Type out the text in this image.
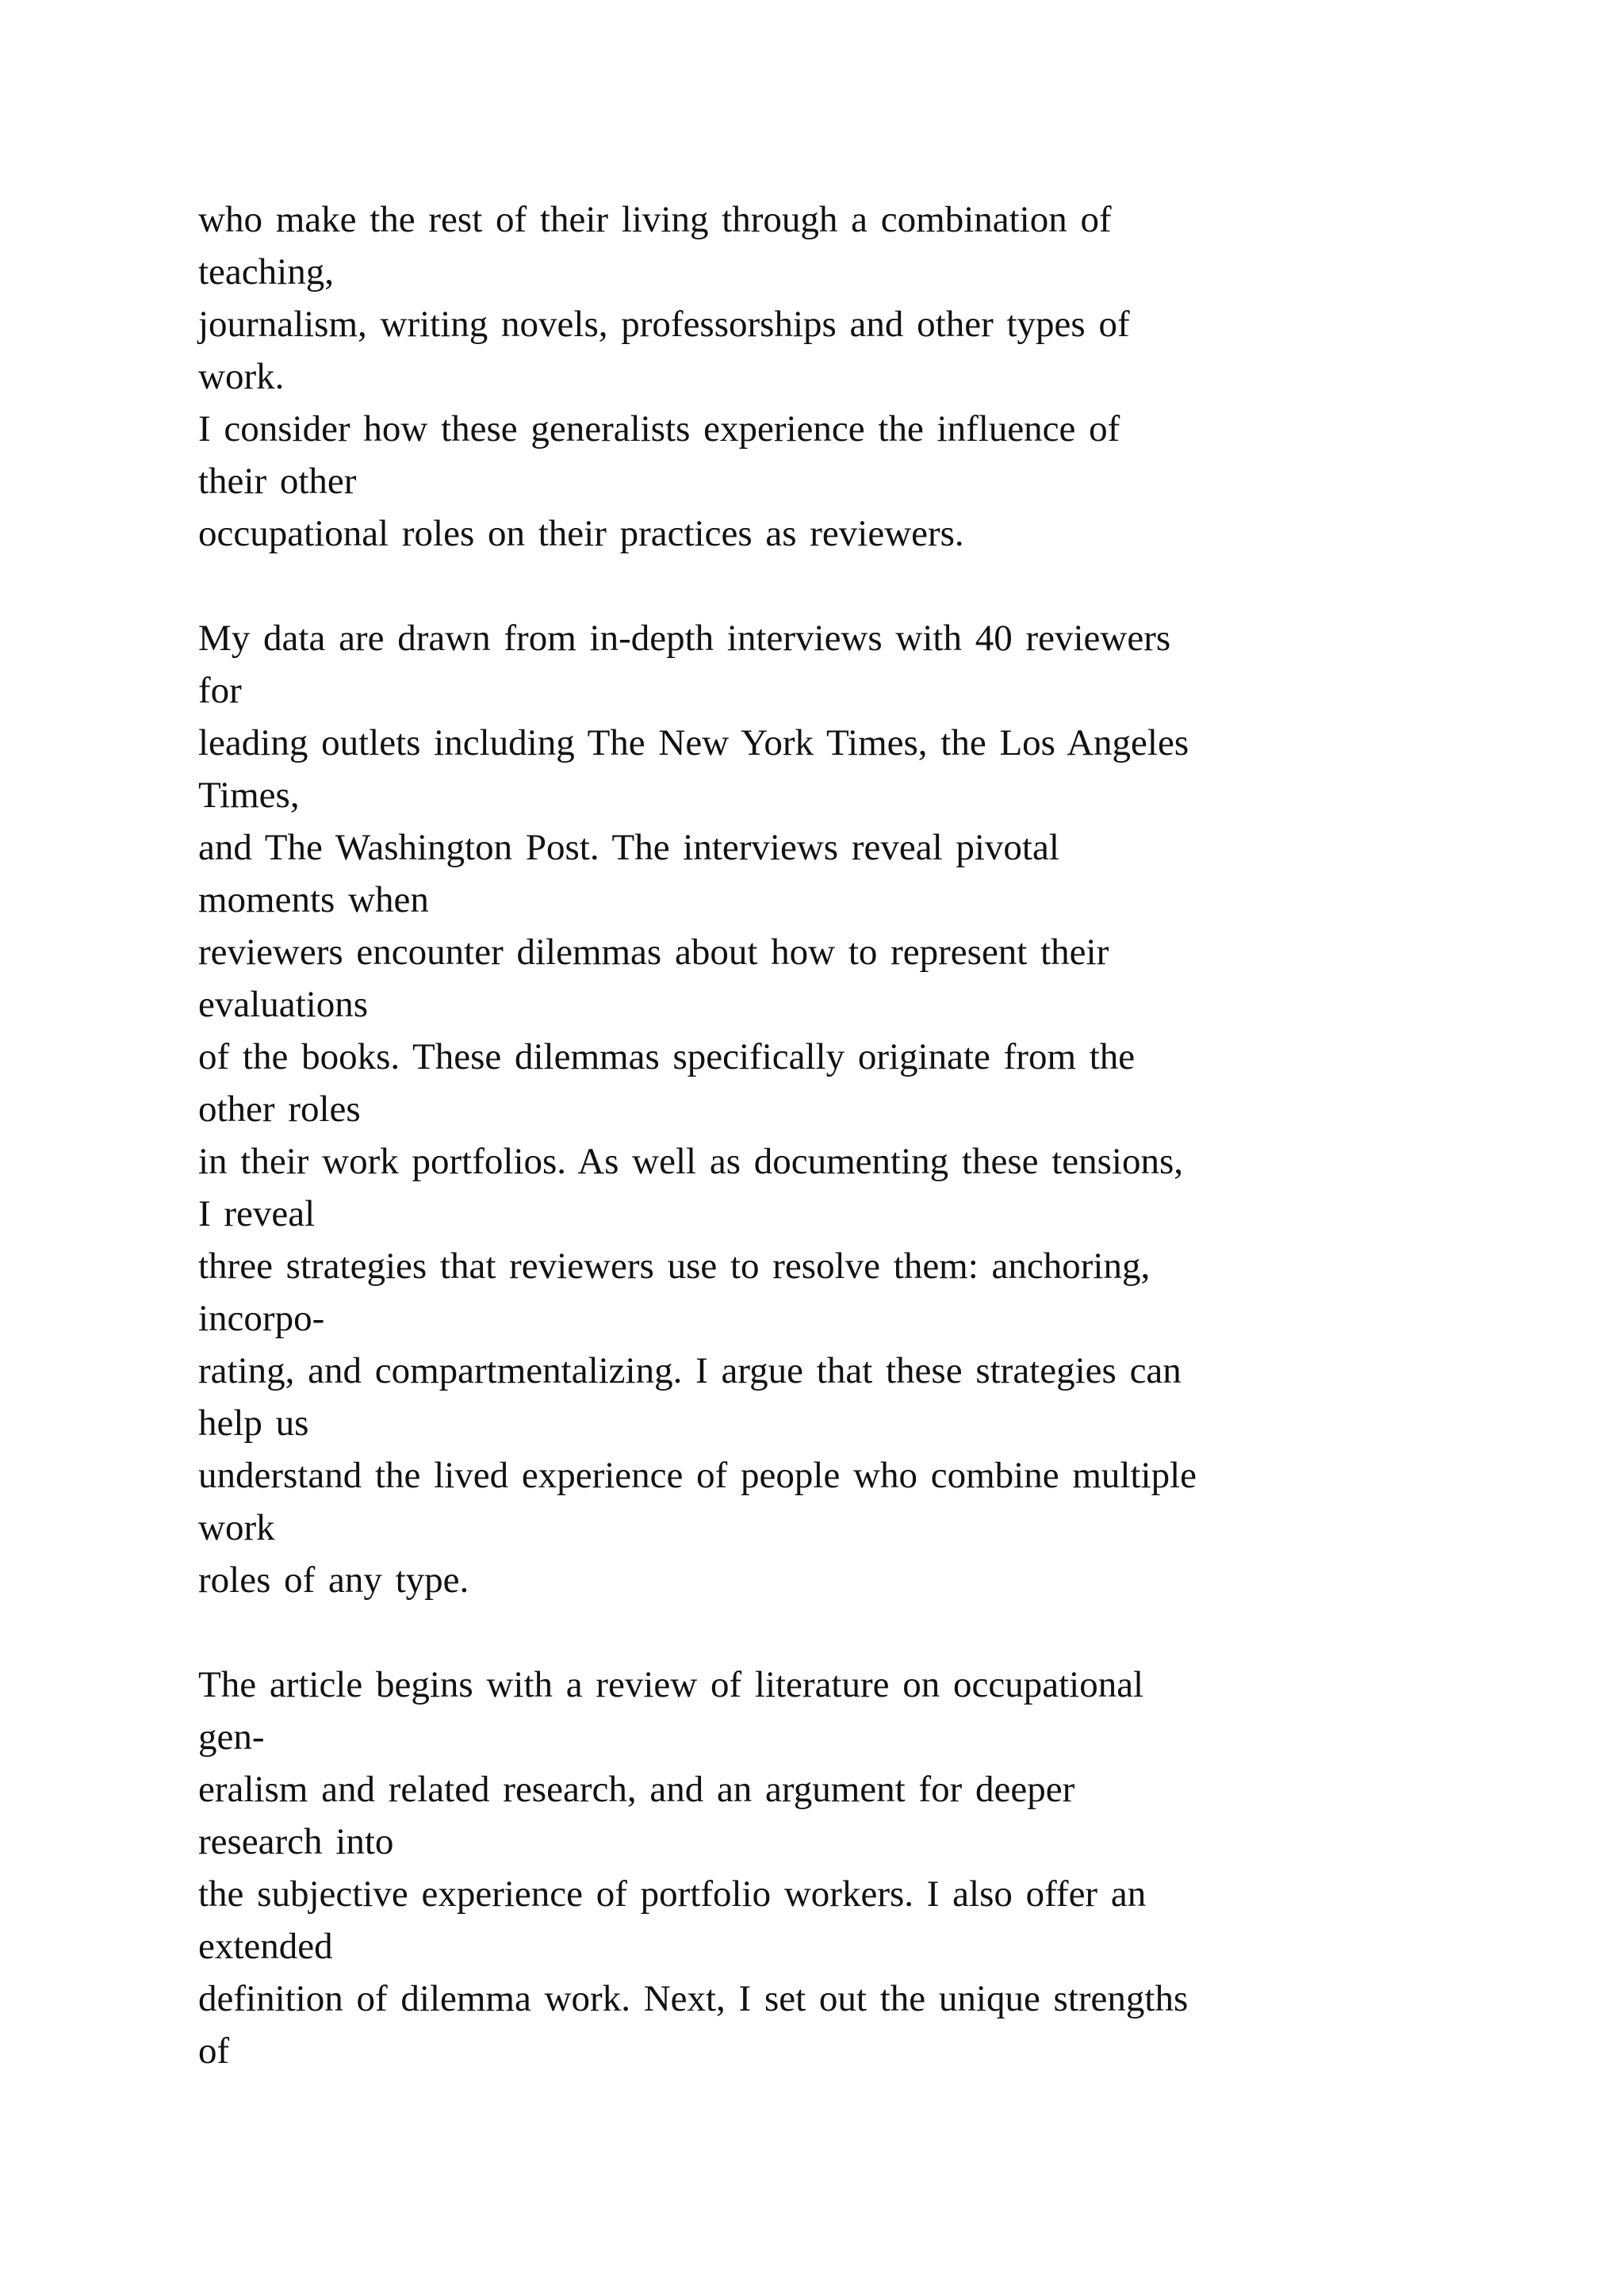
who make the rest of their living through a combination of
teaching,
journalism, writing novels, professorships and other types of
work.
I consider how these generalists experience the influence of
their other
occupational roles on their practices as reviewers.
My data are drawn from in-depth interviews with 40 reviewers
for
leading outlets including The New York Times, the Los Angeles
Times,
and The Washington Post. The interviews reveal pivotal
moments when
reviewers encounter dilemmas about how to represent their
evaluations
of the books. These dilemmas specifically originate from the
other roles
in their work portfolios. As well as documenting these tensions,
I reveal
three strategies that reviewers use to resolve them: anchoring,
incorpo-
rating, and compartmentalizing. I argue that these strategies can
help us
understand the lived experience of people who combine multiple
work
roles of any type.
The article begins with a review of literature on occupational
gen-
eralism and related research, and an argument for deeper
research into
the subjective experience of portfolio workers. I also offer an
extended
definition of dilemma work. Next, I set out the unique strengths
of
